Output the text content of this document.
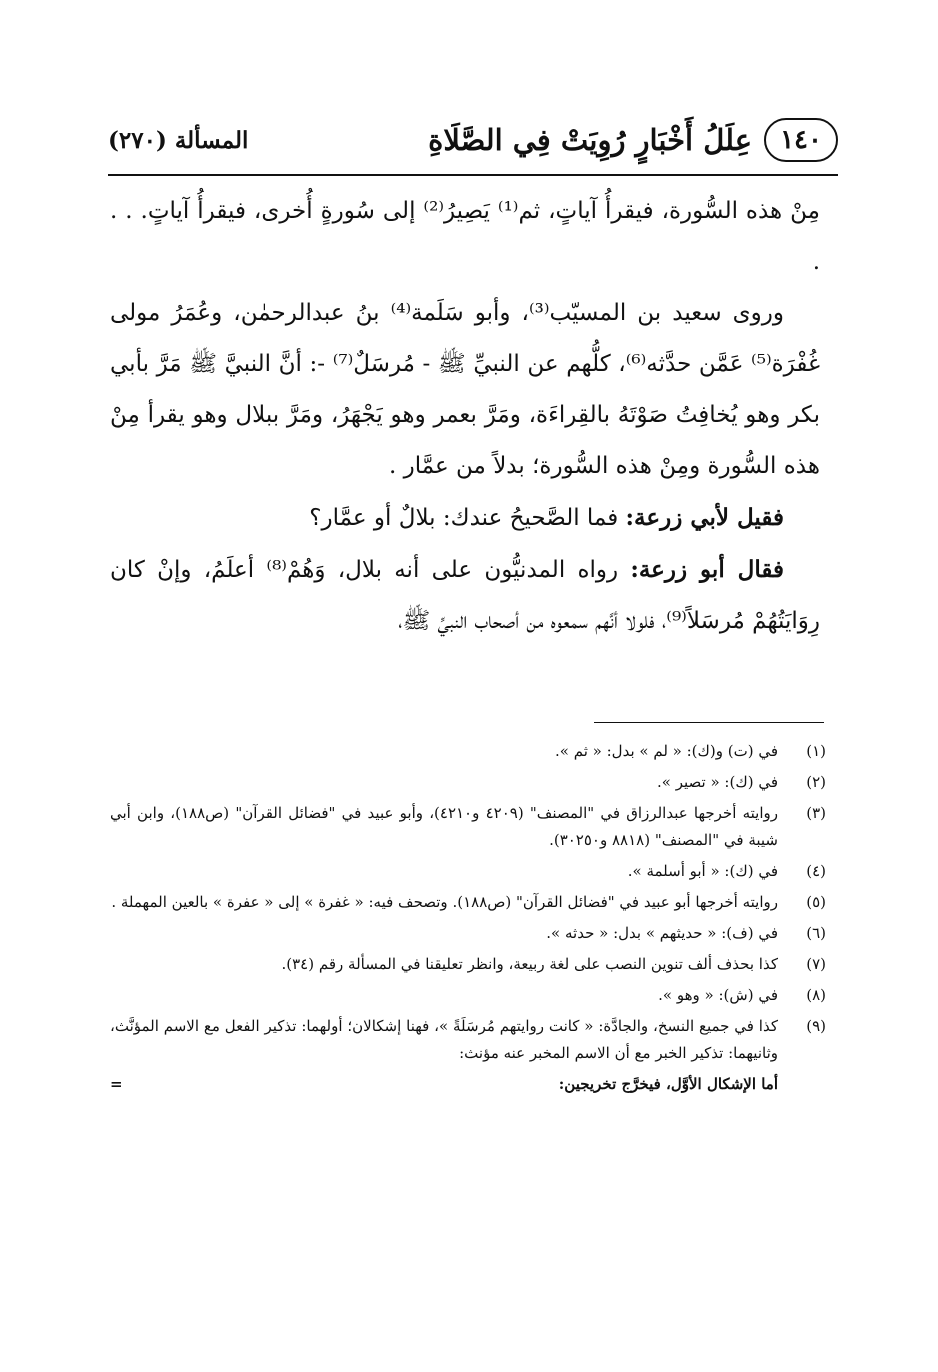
١٤٠
عِلَلُ أَخْبَارٍ رُوِيَتْ فِي الصَّلَاةِ
المسألة (٢٧٠)

مِنْ هذه السُّورة، فيقرأُ آياتٍ، ثم⁽¹⁾ يَصِيرُ⁽²⁾ إلى سُورةٍ أُخرى، فيقرأُ آياتٍ. . . .

وروى سعيد بن المسيّب⁽³⁾، وأبو سَلَمة⁽⁴⁾ بنُ عبدالرحمٰن، وعُمَرُ مولى غُفْرَة⁽⁵⁾ عَمَّن حدَّثه⁽⁶⁾، كلُّهم عن النبيِّ ﷺ - مُرسَلٌ⁽⁷⁾ -: أنَّ النبيَّ ﷺ مَرَّ بأبي بكر وهو يُخافِتُ صَوْتَهُ بالقِراءَة، ومَرَّ بعمر وهو يَجْهَرُ، ومَرَّ ببلال وهو يقرأ مِنْ هذه السُّورة ومِنْ هذه السُّورة؛ بدلاً من عمَّار .

فقيل لأبي زرعة: فما الصَّحيحُ عندك: بلالٌ أو عمَّار؟

فقال أبو زرعة: رواه المدنيُّون على أنه بلال، وَهُمْ⁽⁸⁾ أعلَمُ، وإنْ كان رِوَايَتُهُمْ مُرسَلاً⁽⁹⁾، فلولا أنَّهم سمعوه من أصحاب النبيِّ ﷺ،

(١)
في (ت) و(ك): « لم » بدل: « ثم ».
(٢)
في (ك): « تصير ».
(٣)
روايته أخرجها عبدالرزاق في "المصنف" (٤٢٠٩ و٤٢١٠)، وأبو عبيد في "فضائل القرآن" (ص١٨٨)، وابن أبي شيبة في "المصنف" (٨٨١٨ و٣٠٢٥٠).
(٤)
في (ك): « أبو أسلمة ».
(٥)
روايته أخرجها أبو عبيد في "فضائل القرآن" (ص١٨٨). وتصحف فيه: « غفرة » إلى « عفرة » بالعين المهملة .
(٦)
في (ف): « حديثهم » بدل: « حدثه ».
(٧)
كذا بحذف ألف تنوين النصب على لغة ربيعة، وانظر تعليقنا في المسألة رقم (٣٤).
(٨)
في (ش): « وهو ».
(٩)
كذا في جميع النسخ، والجادَّة: « كانت روايتهم مُرسَلَةً »، فهنا إشكالان؛ أولهما: تذكير الفعل مع الاسم المؤنَّث، وثانيهما: تذكير الخبر مع أن الاسم المخبر عنه مؤنث:
أما الإشكال الأوَّل، فيخرَّج تخريجين:
=
